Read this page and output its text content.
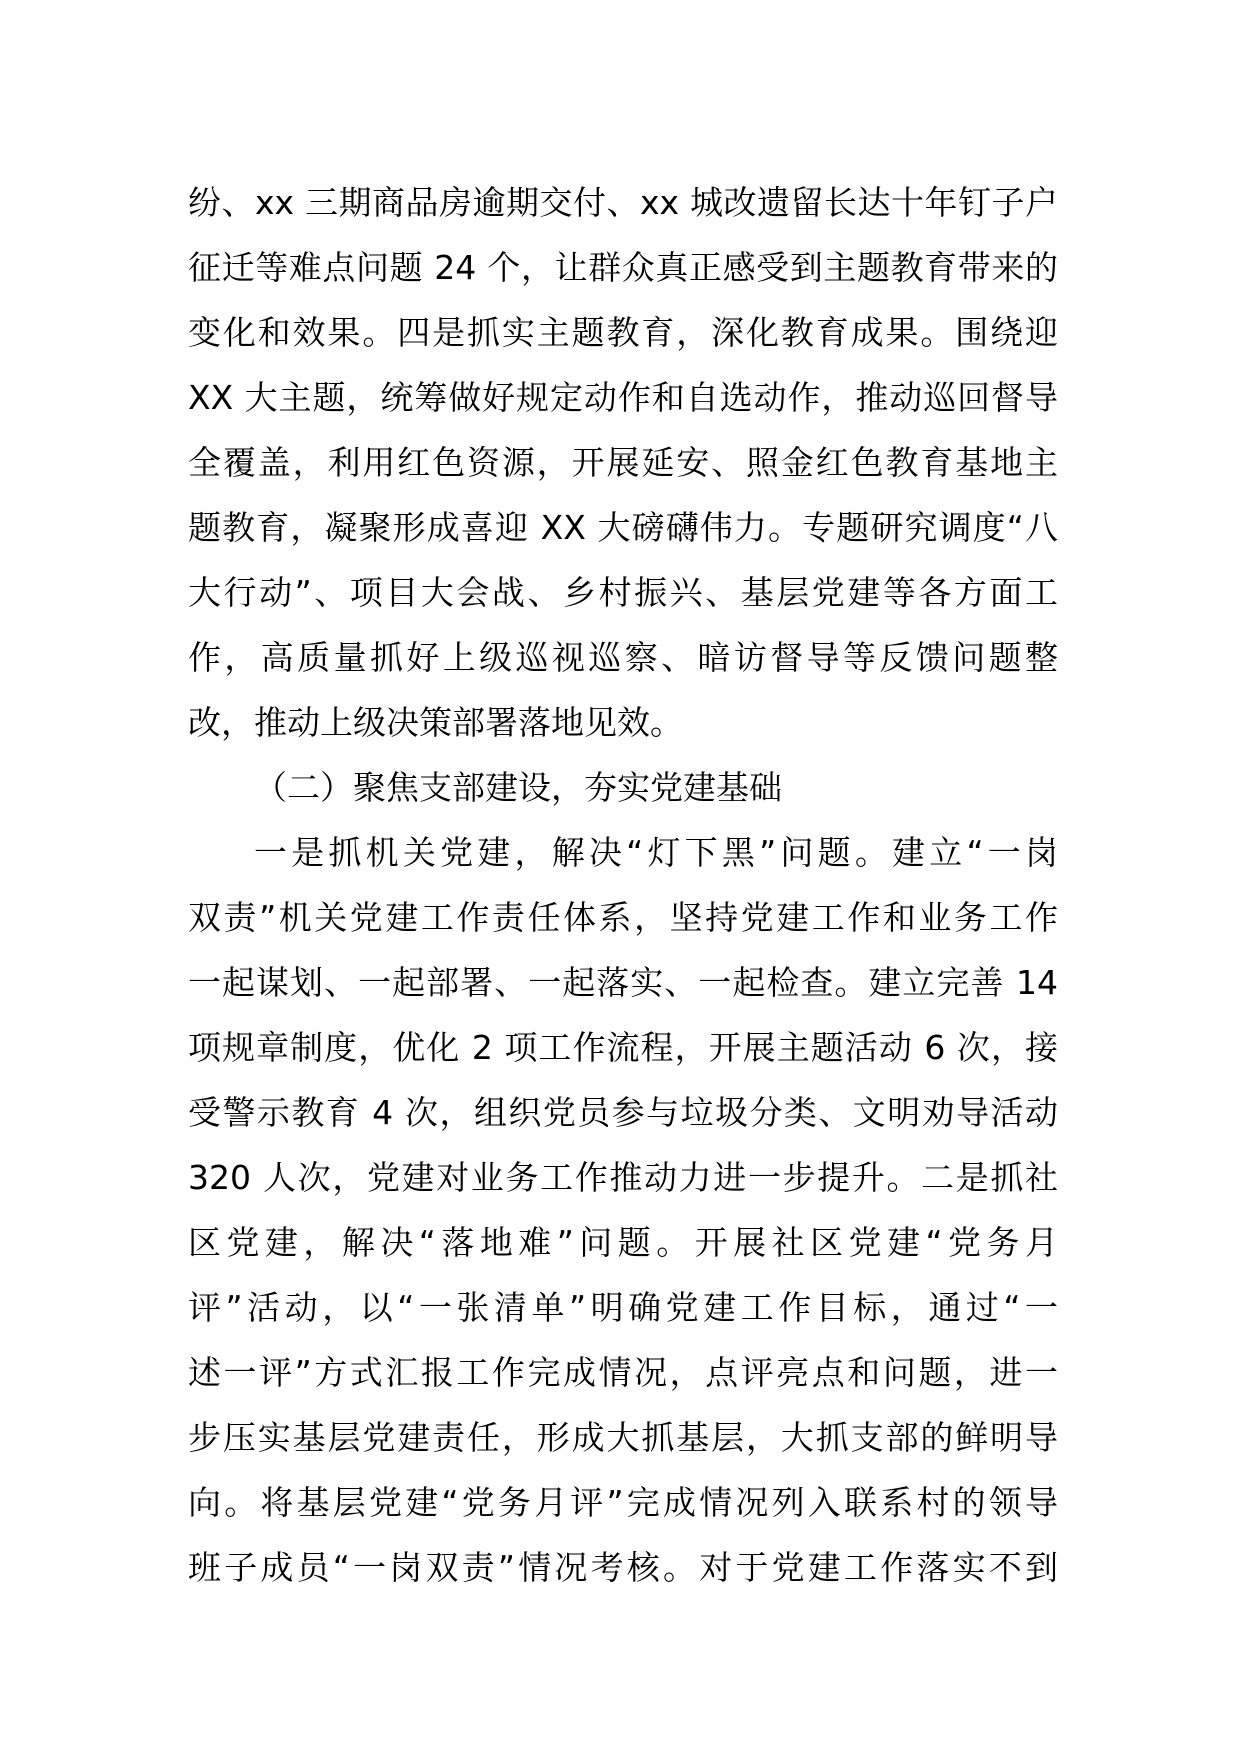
纷、xx 三期商品房逾期交付、xx 城改遗留长达十年钉子户
征迁等难点问题 24 个，让群众真正感受到主题教育带来的
变化和效果。四是抓实主题教育，深化教育成果。围绕迎
XX 大主题，统筹做好规定动作和自选动作，推动巡回督导
全覆盖，利用红色资源，开展延安、照金红色教育基地主
题教育，凝聚形成喜迎 XX 大磅礴伟力。专题研究调度“八
大行动”、项目大会战、乡村振兴、基层党建等各方面工
作，高质量抓好上级巡视巡察、暗访督导等反馈问题整
改，推动上级决策部署落地见效。
（二）聚焦支部建设，夯实党建基础
一是抓机关党建，解决“灯下黑”问题。建立“一岗
双责”机关党建工作责任体系，坚持党建工作和业务工作
一起谋划、一起部署、一起落实、一起检查。建立完善 14
项规章制度，优化 2 项工作流程，开展主题活动 6 次，接
受警示教育 4 次，组织党员参与垃圾分类、文明劝导活动
320 人次，党建对业务工作推动力进一步提升。二是抓社
区党建，解决“落地难”问题。开展社区党建“党务月
评”活动，以“一张清单”明确党建工作目标，通过“一
述一评”方式汇报工作完成情况，点评亮点和问题，进一
步压实基层党建责任，形成大抓基层，大抓支部的鲜明导
向。将基层党建“党务月评”完成情况列入联系村的领导
班子成员“一岗双责”情况考核。对于党建工作落实不到
